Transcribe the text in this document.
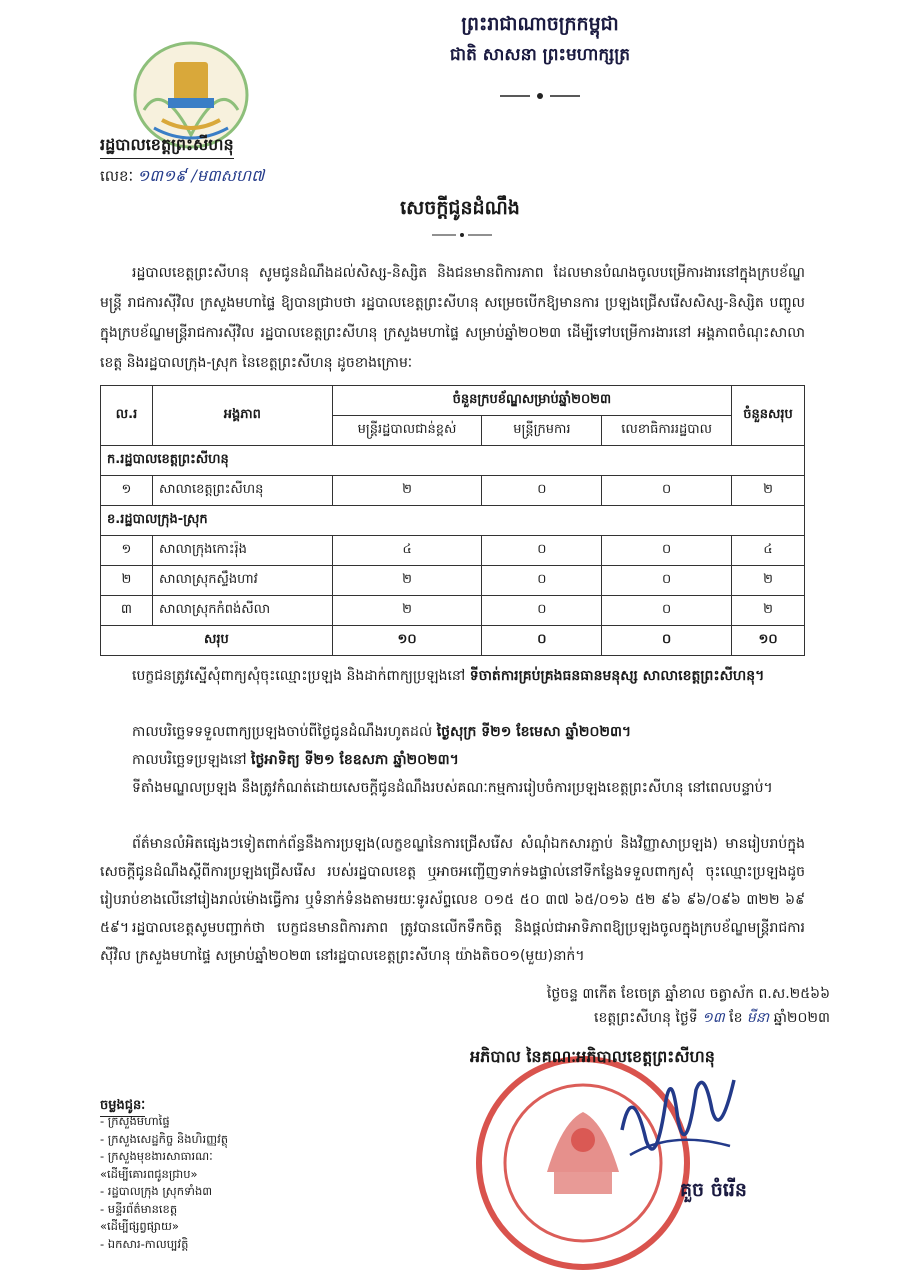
ព្រះរាជាណាចក្រកម្ពុជា
ជាតិ សាសនា ព្រះមហាក្សត្រ
រដ្ឋបាលខេត្តព្រះសីហនុ
លេខៈ ១៣១៩ /ម៣សហ៧
សេចក្តីជូនដំណឹង
រដ្ឋបាលខេត្តព្រះសីហនុ សូមជូនដំណឹងដល់សិស្ស-និស្សិត និងជនមានពិការភាព ដែលមានបំណងចូលបម្រើការងារនៅក្នុងក្របខ័ណ្ឌមន្ត្រី រាជការស៊ីវិល ក្រសួងមហាផ្ទៃ ឱ្យបានជ្រាបថា រដ្ឋបាលខេត្តព្រះសីហនុ សម្រេចបើកឱ្យមានការ ប្រឡងជ្រើសរើសសិស្ស-និស្សិត បញ្ចូលក្នុងក្របខ័ណ្ឌមន្ត្រីរាជការស៊ីវិល រដ្ឋបាលខេត្តព្រះសីហនុ ក្រសួងមហាផ្ទៃ សម្រាប់ឆ្នាំ២០២៣ ដើម្បីទៅបម្រើការងារនៅ អង្គភាពចំណុះសាលាខេត្ត និងរដ្ឋបាលក្រុង-ស្រុក នៃខេត្តព្រះសីហនុ ដូចខាងក្រោមៈ
ល.រ	អង្គភាព	ចំនួនក្របខ័ណ្ឌសម្រាប់ឆ្នាំ២០២៣			ចំនួនសរុប
		មន្ត្រីរដ្ឋបាលជាន់ខ្ពស់	មន្ត្រីក្រមការ	លេខាធិការរដ្ឋបាល	
ក.រដ្ឋបាលខេត្តព្រះសីហនុ					
១	សាលាខេត្តព្រះសីហនុ	២	០	០	២
ខ.រដ្ឋបាលក្រុង-ស្រុក					
១	សាលាក្រុងកោះរ៉ុង	៤	០	០	៤
២	សាលាស្រុកស្ទឹងហាវ	២	០	០	២
៣	សាលាស្រុកកំពង់សីលា	២	០	០	២
សរុប		១០	០	០	១០
បេក្ខជនត្រូវស្នើសុំពាក្យសុំចុះឈ្មោះប្រឡង និងដាក់ពាក្យប្រឡងនៅ ទីចាត់ការគ្រប់គ្រងធនធានមនុស្ស សាលាខេត្តព្រះសីហនុ។
កាលបរិច្ឆេទទទួលពាក្យប្រឡងចាប់ពីថ្ងៃជូនដំណឹងរហូតដល់ ថ្ងៃសុក្រ ទី២១ ខែមេសា ឆ្នាំ២០២៣។
កាលបរិច្ឆេទប្រឡងនៅ ថ្ងៃអាទិត្យ ទី២១ ខែឧសភា ឆ្នាំ២០២៣។
ទីតាំងមណ្ឌលប្រឡង នឹងត្រូវកំណត់ដោយសេចក្តីជូនដំណឹងរបស់គណៈកម្មការរៀបចំការប្រឡងខេត្តព្រះសីហនុ នៅពេលបន្ទាប់។
ព័ត៌មានលំអិតផ្សេងៗទៀតពាក់ព័ន្ធនឹងការប្រឡង(លក្ខខណ្ឌនៃការជ្រើសរើស សំណុំឯកសារភ្ជាប់ និងវិញ្ញាសាប្រឡង) មានរៀបរាប់ក្នុងសេចក្តីជូនដំណឹងស្តីពីការប្រឡងជ្រើសរើស របស់រដ្ឋបាលខេត្ត ឬអាចអញ្ជើញទាក់ទងផ្ទាល់នៅទីកន្លែងទទួលពាក្យសុំ ចុះឈ្មោះប្រឡងដូចរៀបរាប់ខាងលើនៅរៀងរាល់ម៉ោងធ្វើការ ឬទំនាក់ទំនងតាមរយៈទូរស័ព្ទលេខ ០១៥ ៥០ ៣៧ ៦៥/០១៦ ៥២ ៩៦ ៩៦/០៩៦ ៣២២ ៦៩ ៥៩។ រដ្ឋបាលខេត្តសូមបញ្ជាក់ថា បេក្ខជនមានពិការភាព ត្រូវបានលើកទឹកចិត្ត និងផ្តល់ជាអាទិភាពឱ្យប្រឡងចូលក្នុងក្របខ័ណ្ឌមន្ត្រីរាជការស៊ីវិល ក្រសួងមហាផ្ទៃ សម្រាប់ឆ្នាំ២០២៣ នៅរដ្ឋបាលខេត្តព្រះសីហនុ យ៉ាងតិច០១(មួយ)នាក់។
ថ្ងៃចន្ទ ៣កើត ខែចេត្រ ឆ្នាំខាល ចត្វាស័ក ព.ស.២៥៦៦
ខេត្តព្រះសីហនុ ថ្ងៃទី ១៣ ខែ មីនា ឆ្នាំ២០២៣
អភិបាល នៃគណៈអភិបាលខេត្តព្រះសីហនុ
គួច ចំរើន
ចម្លងជូនៈ
- ក្រសួងមហាផ្ទៃ
- ក្រសួងសេដ្ឋកិច្ច និងហិរញ្ញវត្ថុ
- ក្រសួងមុខងារសាធារណៈ
«ដើម្បីគោរពជូនជ្រាប»
- រដ្ឋបាលក្រុង ស្រុកទាំង៣
- មន្ទីរព័ត៌មានខេត្ត
«ដើម្បីផ្សព្វផ្សាយ»
- ឯកសារ-កាលប្បវត្តិ
